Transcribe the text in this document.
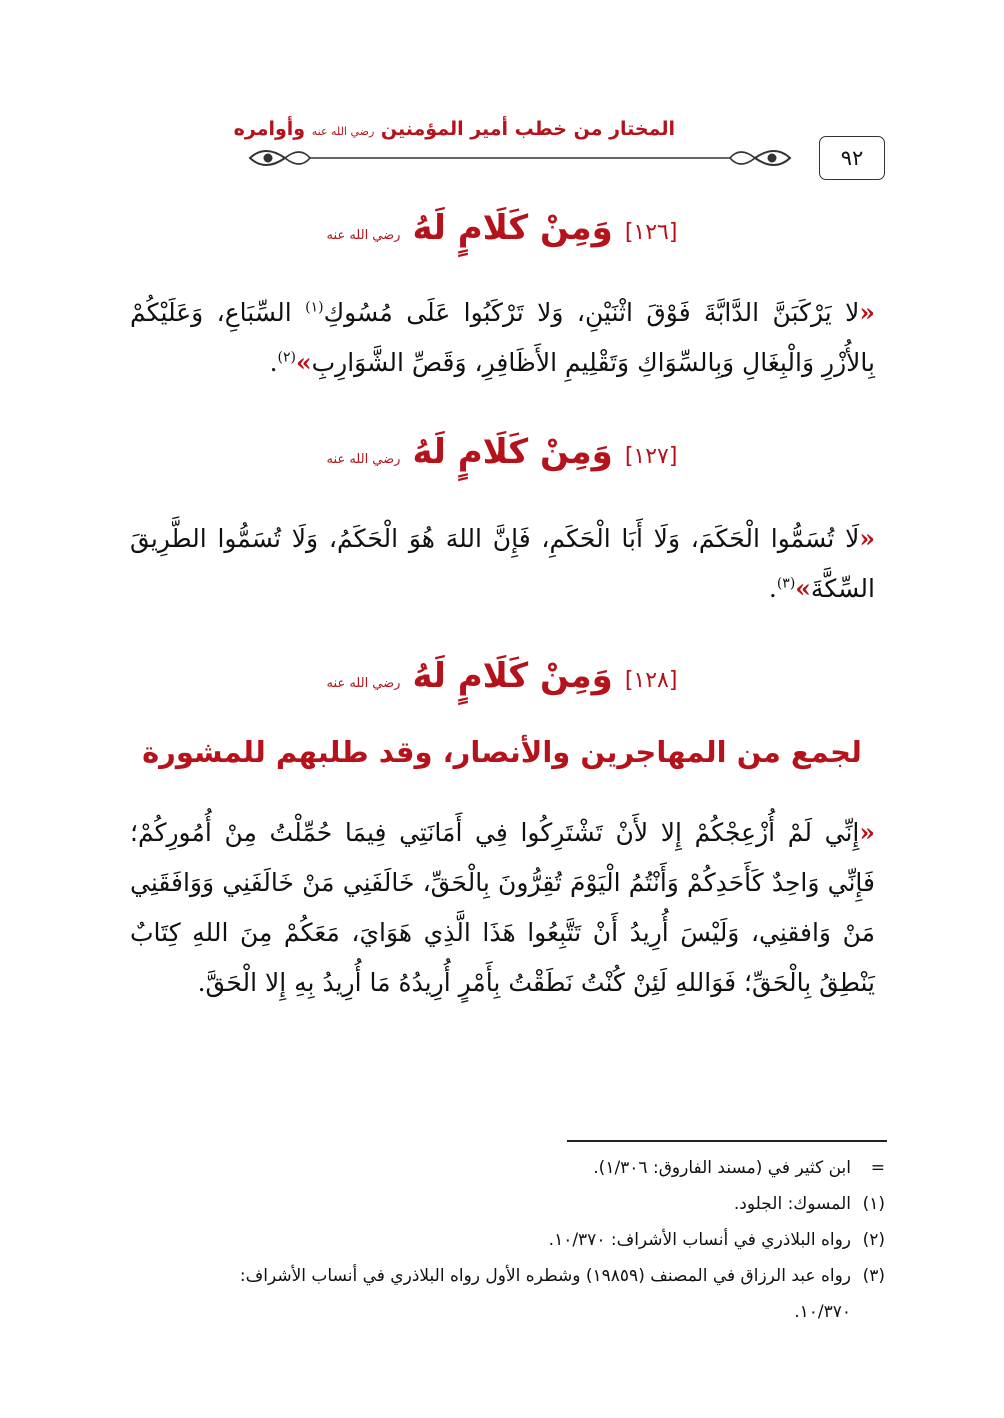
٩٢
المختار من خطب أمير المؤمنين رضي الله عنه وأوامره
[١٢٦]
وَمِنْ كَلَامٍ لَهُ
رضي الله عنه
«لا يَرْكَبَنَّ الدَّابَّةَ فَوْقَ اثْنَيْنِ، وَلا تَرْكَبُوا عَلَى مُسُوكِ$^{(١)}$ السِّبَاعِ، وَعَلَيْكُمْ بِالأُزْرِ وَالْبِغَالِ وَبِالسِّوَاكِ وَتَقْلِيمِ الأَظَافِرِ، وَقَصِّ الشَّوَارِبِ»$^{(٢)}$.
[١٢٧]
وَمِنْ كَلَامٍ لَهُ
رضي الله عنه
«لَا تُسَمُّوا الْحَكَمَ، وَلَا أَبَا الْحَكَمِ، فَإِنَّ اللهَ هُوَ الْحَكَمُ، وَلَا تُسَمُّوا الطَّرِيقَ السِّكَّةَ»$^{(٣)}$.
[١٢٨]
وَمِنْ كَلَامٍ لَهُ
رضي الله عنه
لجمع من المهاجرين والأنصار، وقد طلبهم للمشورة
«إِنِّي لَمْ أُزْعِجْكُمْ إِلا لأَنْ تَشْتَرِكُوا فِي أَمَانَتِي فِيمَا حُمِّلْتُ مِنْ أُمُورِكُمْ؛ فَإِنِّي وَاحِدٌ كَأَحَدِكُمْ وَأَنْتُمُ الْيَوْمَ تُقِرُّونَ بِالْحَقِّ، خَالَفَنِي مَنْ خَالَفَنِي وَوَافَقَنِي مَنْ وَافقنِي، وَلَيْسَ أُرِيدُ أَنْ تَتَّبِعُوا هَذَا الَّذِي هَوَايَ، مَعَكُمْ مِنَ اللهِ كِتَابٌ يَنْطِقُ بِالْحَقِّ؛ فَوَاللهِ لَئِنْ كُنْتُ نَطَقْتُ بِأَمْرٍ أُرِيدُهُ مَا أُرِيدُ بِهِ إِلا الْحَقَّ.
=ابن كثير في (مسند الفاروق: ١/٣٠٦).
(١)المسوك: الجلود.
(٢)رواه البلاذري في أنساب الأشراف: ١٠/٣٧٠.
(٣)رواه عبد الرزاق في المصنف (١٩٨٥٩) وشطره الأول رواه البلاذري في أنساب الأشراف:
١٠/٣٧٠.
